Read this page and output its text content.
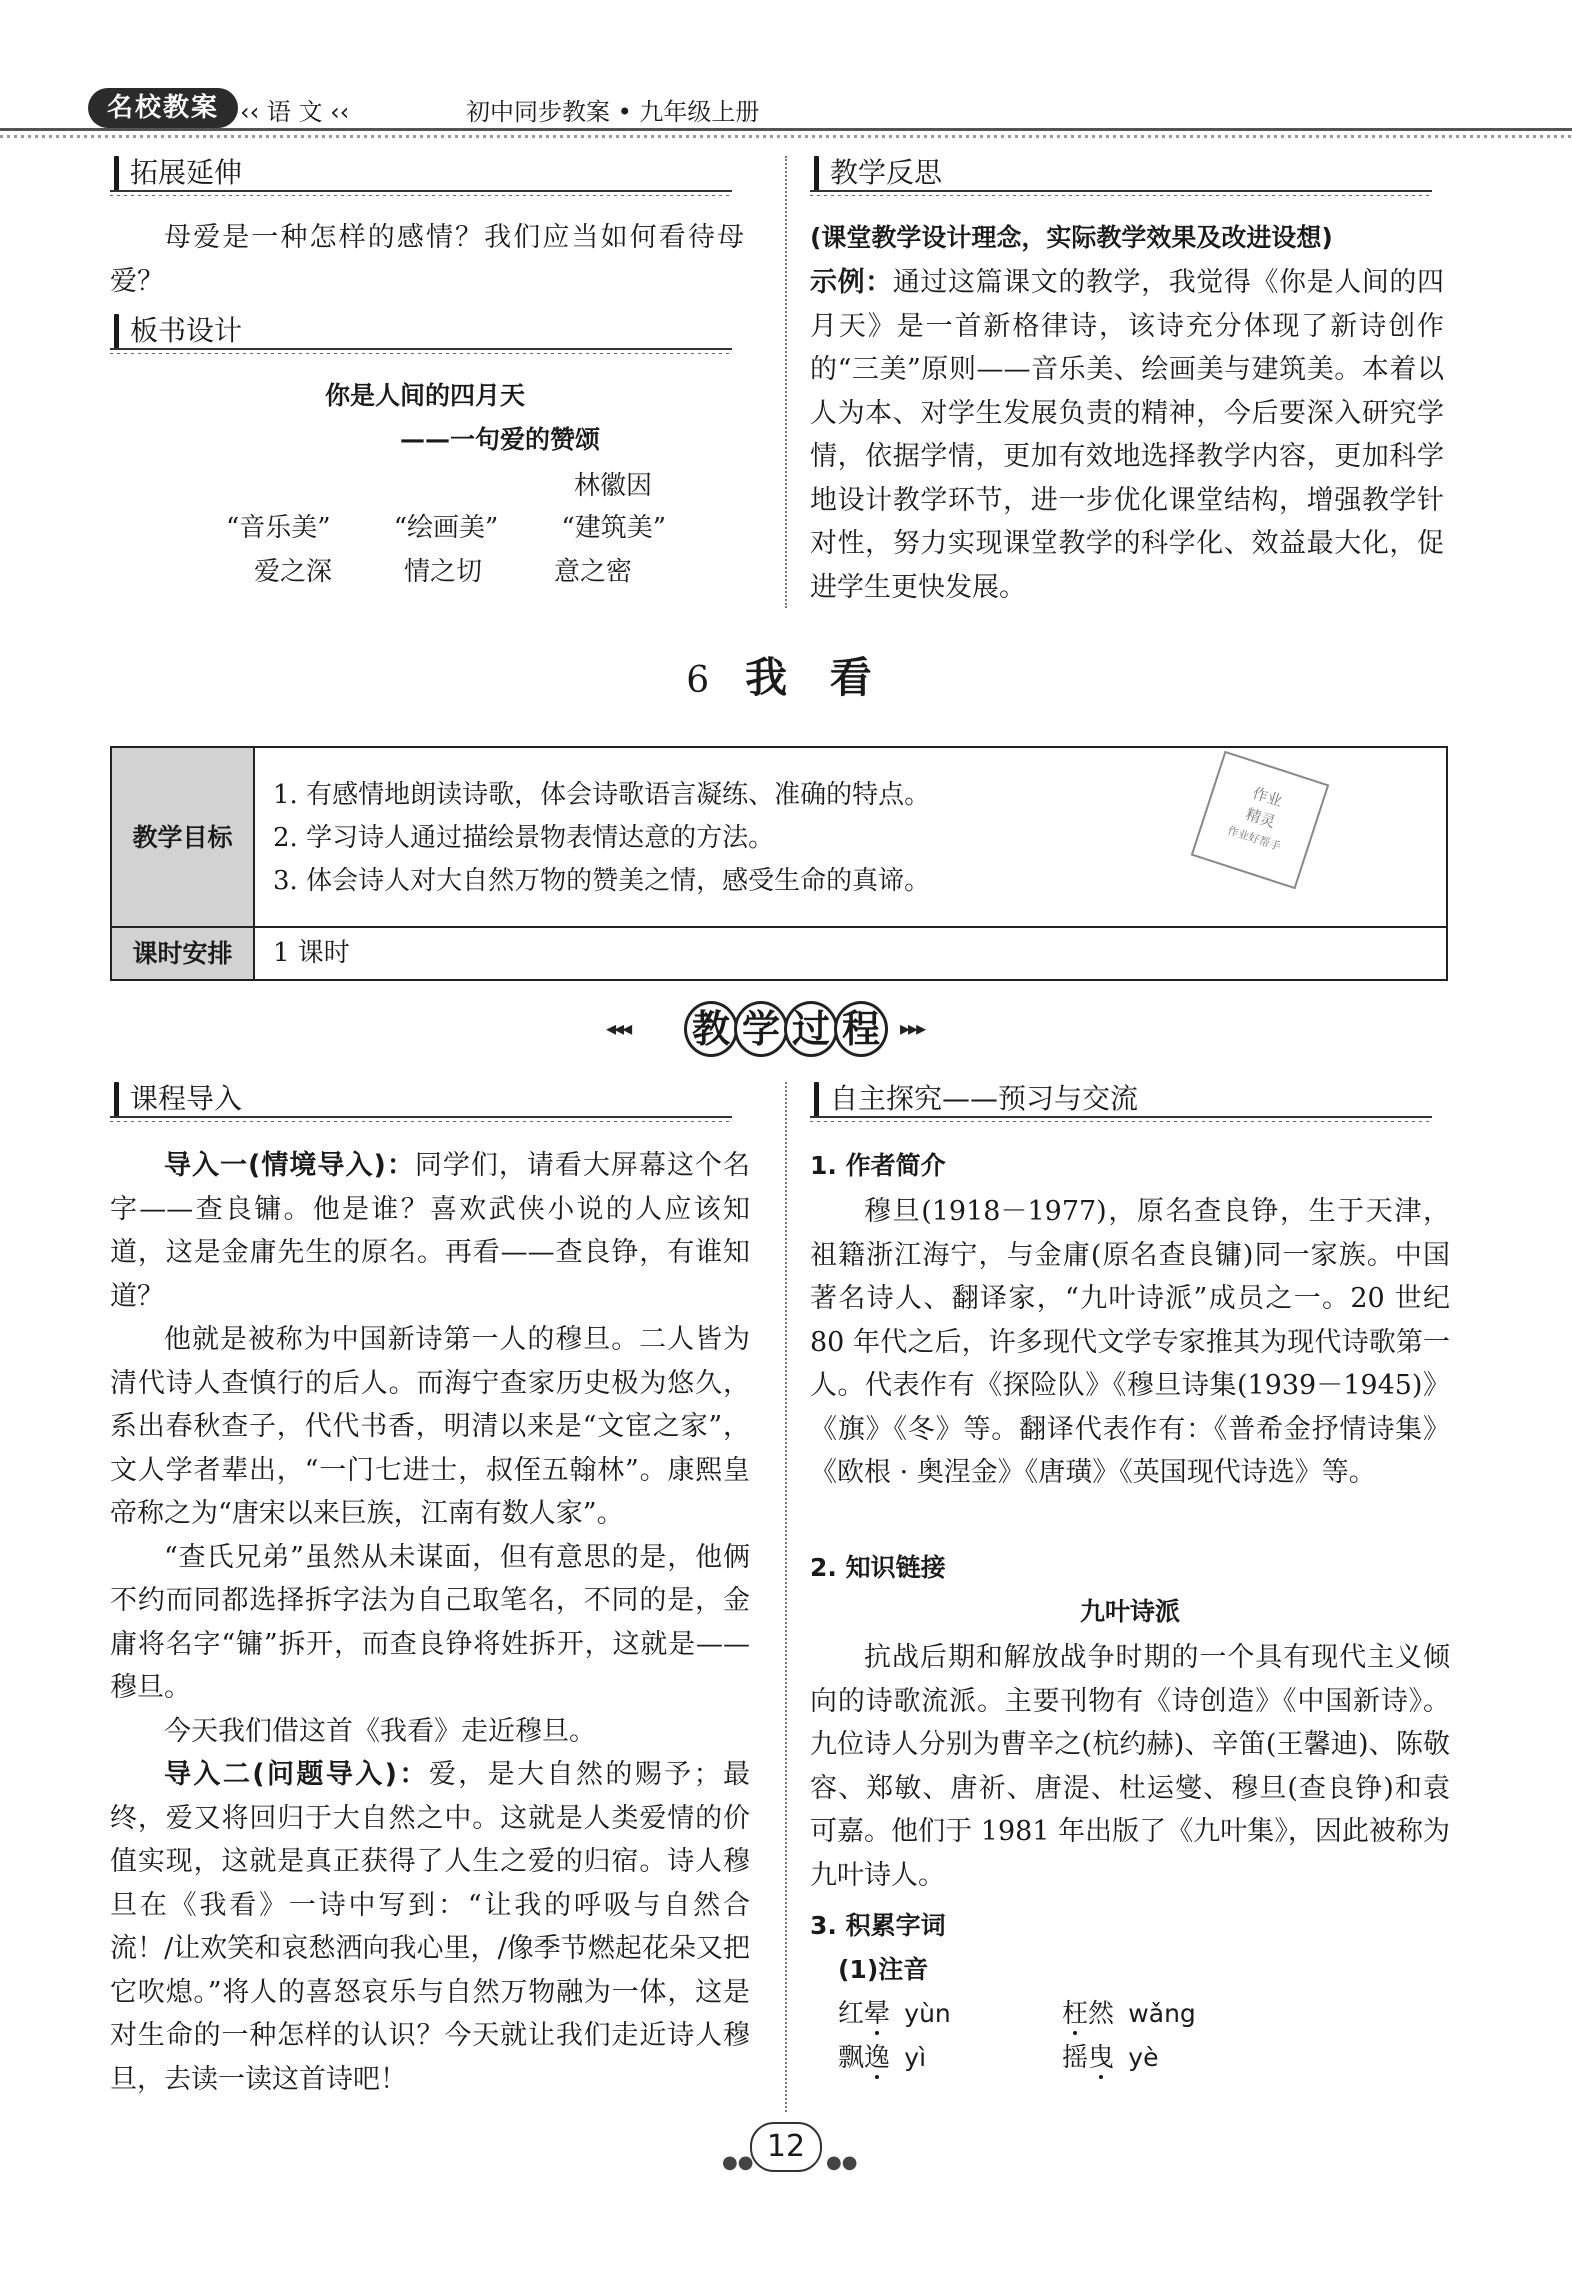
名校教案 ‹‹ 语 文 ‹‹	初中同步教案 • 九年级上册
拓展延伸
母爱是一种怎样的感情？我们应当如何看待母爱？
板书设计
你是人间的四月天
——一句爱的赞颂
林徽因
“音乐美” “绘画美” “建筑美”
爱之深	情之切	意之密
教学反思
(课堂教学设计理念，实际教学效果及改进设想)
示例：通过这篇课文的教学，我觉得《你是人间的四月天》是一首新格律诗，该诗充分体现了新诗创作的“三美”原则——音乐美、绘画美与建筑美。本着以人为本、对学生发展负责的精神，今后要深入研究学情，依据学情，更加有效地选择教学内容，更加科学地设计教学环节，进一步优化课堂结构，增强教学针对性，努力实现课堂教学的科学化、效益最大化，促进学生更快发展。
6 我 看
教学目标
1. 有感情地朗读诗歌，体会诗歌语言凝练、准确的特点。
2. 学习诗人通过描绘景物表情达意的方法。
3. 体会诗人对大自然万物的赞美之情，感受生命的真谛。
课时安排	1 课时
作业
精灵
作业好帮手
◂◂◂	教 学 过 程	▸▸▸
课程导入

导入一(情境导入)：同学们，请看大屏幕这个名字——查良镛。他是谁？喜欢武侠小说的人应该知道，这是金庸先生的原名。再看——查良铮，有谁知道？

他就是被称为中国新诗第一人的穆旦。二人皆为清代诗人查慎行的后人。而海宁查家历史极为悠久，系出春秋查子，代代书香，明清以来是“文宦之家”，文人学者辈出，“一门七进士，叔侄五翰林”。康熙皇帝称之为“唐宋以来巨族，江南有数人家”。

“查氏兄弟”虽然从未谋面，但有意思的是，他俩不约而同都选择拆字法为自己取笔名，不同的是，金庸将名字“镛”拆开，而查良铮将姓拆开，这就是——穆旦。

今天我们借这首《我看》走近穆旦。

导入二(问题导入)：爱，是大自然的赐予；最终，爱又将回归于大自然之中。这就是人类爱情的价值实现，这就是真正获得了人生之爱的归宿。诗人穆旦在《我看》一诗中写到：“让我的呼吸与自然合流！/让欢笑和哀愁洒向我心里，/像季节燃起花朵又把它吹熄。”将人的喜怒哀乐与自然万物融为一体，这是对生命的一种怎样的认识？今天就让我们走近诗人穆旦，去读一读这首诗吧！

自主探究——预习与交流
1. 作者简介
穆旦(1918－1977)，原名查良铮，生于天津，祖籍浙江海宁，与金庸(原名查良镛)同一家族。中国著名诗人、翻译家，“九叶诗派”成员之一。20 世纪 80 年代之后，许多现代文学专家推其为现代诗歌第一人。代表作有《探险队》《穆旦诗集(1939－1945)》《旗》《冬》等。翻译代表作有：《普希金抒情诗集》《欧根 · 奥涅金》《唐璜》《英国现代诗选》等。
2. 知识链接
九叶诗派
抗战后期和解放战争时期的一个具有现代主义倾向的诗歌流派。主要刊物有《诗创造》《中国新诗》。九位诗人分别为曹辛之(杭约赫)、辛笛(王馨迪)、陈敬容、郑敏、唐祈、唐湜、杜运燮、穆旦(查良铮)和袁可嘉。他们于 1981 年出版了《九叶集》，因此被称为九叶诗人。
3. 积累字词
(1)注音
红晕 yùn	枉然 wǎng
飘逸 yì	摇曳 yè
●● 12 ●●
